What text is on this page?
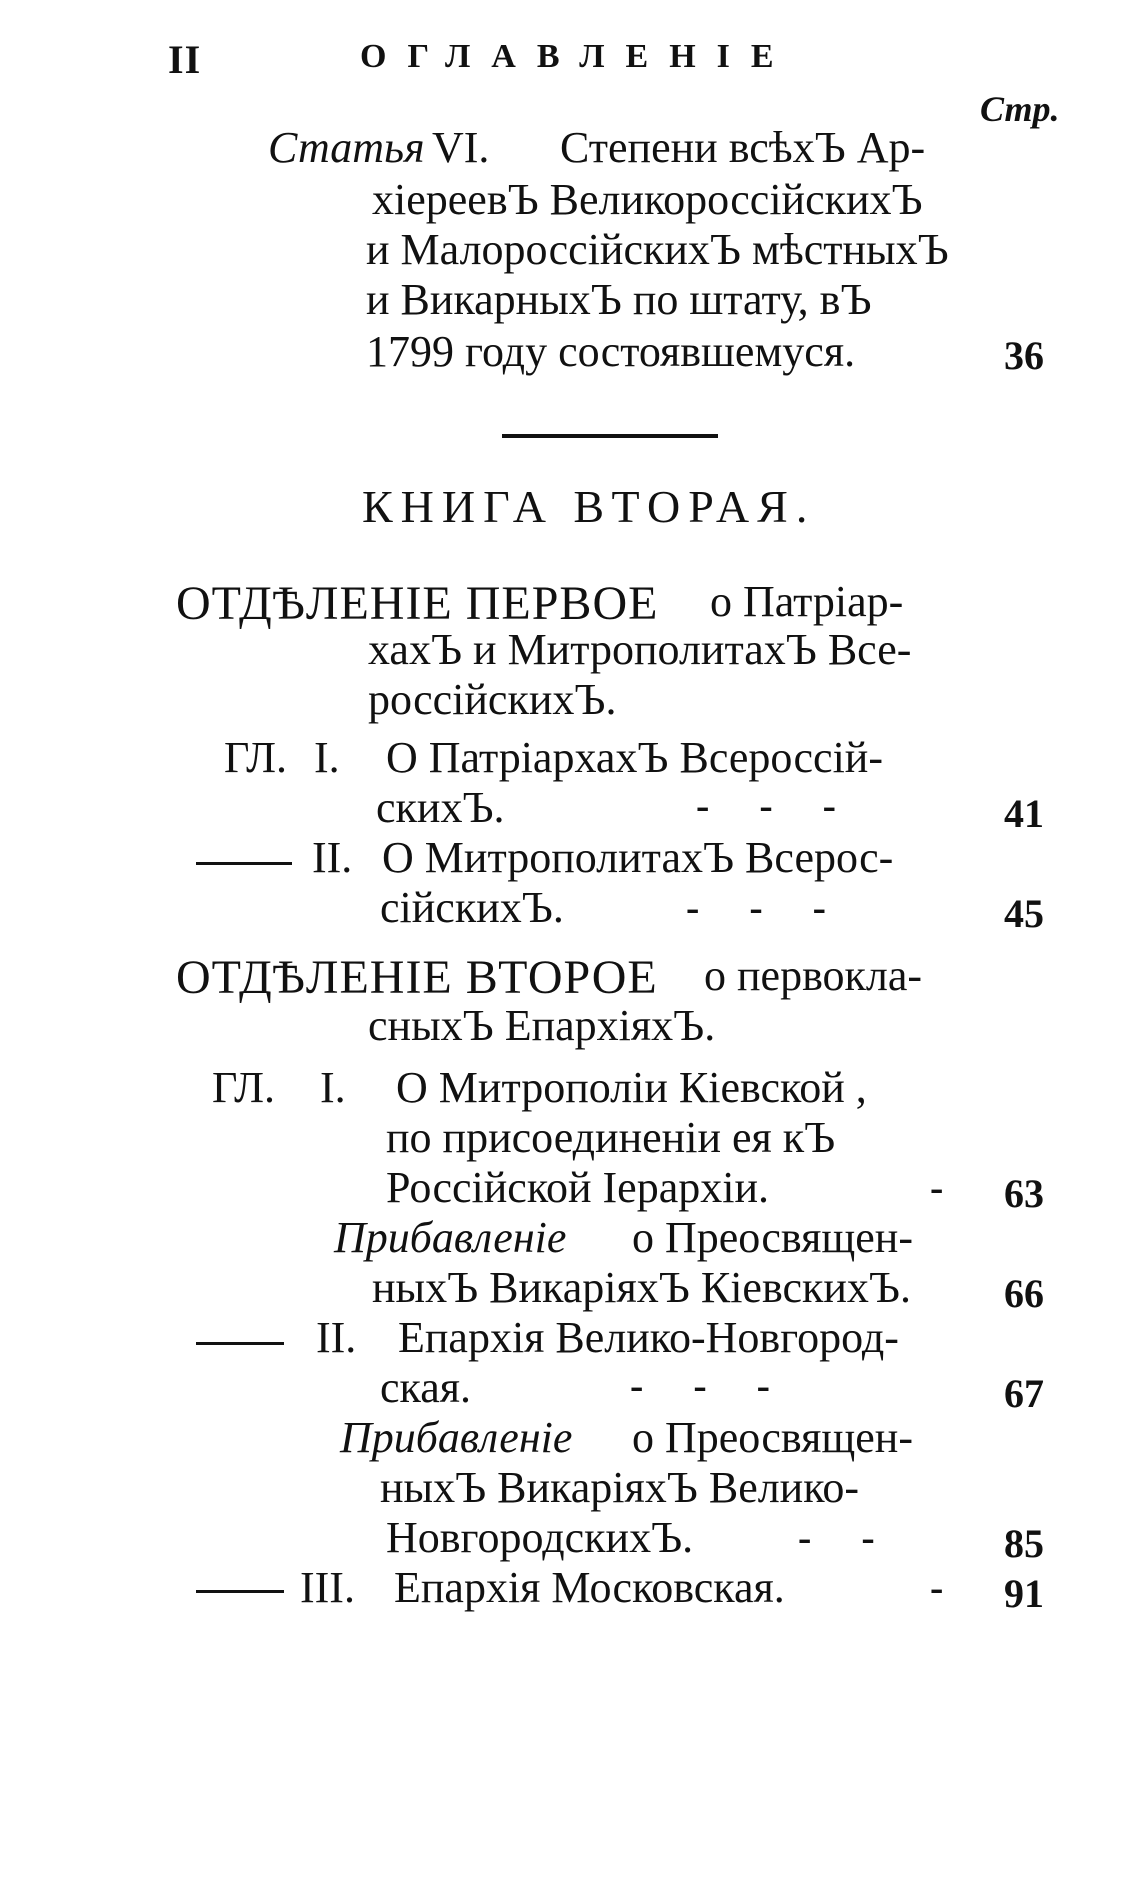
II	ОГЛАВЛЕНIЕ
Стр.
Статья VI. Степени всѣхЪ Ар-
хiереевЪ ВеликороссiйскихЪ
и МалороссiйскихЪ мѣстныхЪ
и ВикарныхЪ по штату, вЪ
1799 году состоявшемуся.	36
КНИГА ВТОРАЯ.
ОТДѢЛЕНIЕ ПЕРВОЕ о Патрiар-
хахЪ и МитрополитахЪ Все-
россiйскихЪ.
ГЛ. I. О ПатрiархахЪ Всероссiй-
скихЪ.	---	41
II. О МитрополитахЪ Всерос-
сiйскихЪ.	---	45
ОТДѢЛЕНIЕ ВТОРОЕ о первокла-
сныхЪ ЕпархiяхЪ.
ГЛ. I. О Митрополiи Кiевской ,
по присоединенiи ея кЪ
Россiйской Iерархiи.	- 63
Прибавленiе о Преосвящен-
ныхЪ ВикарiяхЪ КiевскихЪ. 66
II. Епархiя Велико-Новгород-
ская.	---	67
Прибавленiе о Преосвящен-
ныхЪ ВикарiяхЪ Велико-
НовгородскихЪ.	-- 85
III. Епархiя Московская.	- 91
